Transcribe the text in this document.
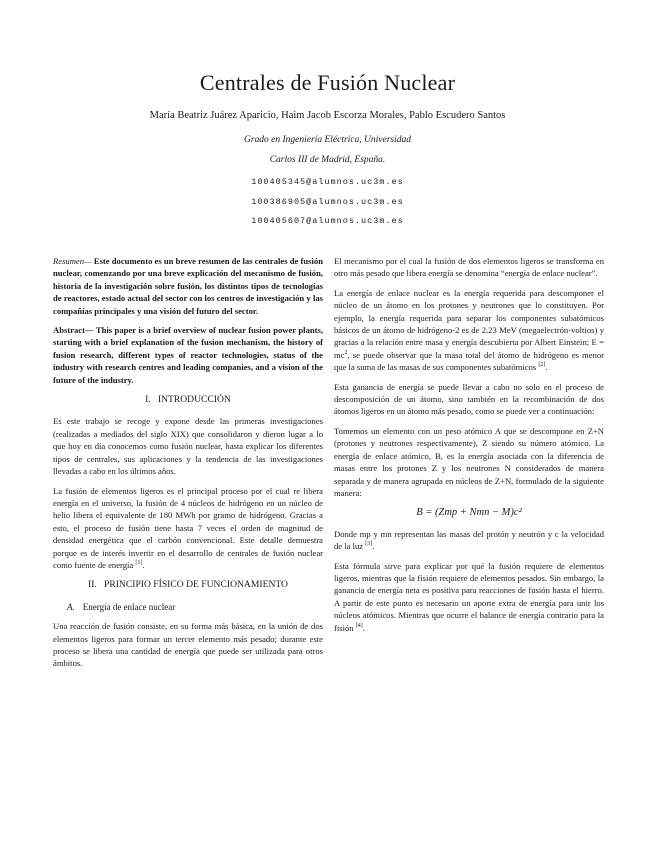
Centrales de Fusión Nuclear
María Beatriz Juárez Aparicio, Haim Jacob Escorza Morales, Pablo Escudero Santos
Grado en Ingeniería Eléctrica, Universidad
Carlos III de Madrid, España.
100405345@alumnos.uc3m.es
100386905@alumnos.uc3m.es
100405607@alumnos.uc3m.es

Resumen— Este documento es un breve resumen de las centrales de fusión nuclear, comenzando por una breve explicación del mecanismo de fusión, historia de la investigación sobre fusión, los distintos tipos de tecnologías de reactores, estado actual del sector con los centros de investigación y las compañías principales y una visión del futuro del sector.

Abstract— This paper is a brief overview of nuclear fusion power plants, starting with a brief explanation of the fusion mechanism, the history of fusion research, different types of reactor technologies, status of the industry with research centres and leading companies, and a vision of the future of the industry.

I. INTRODUCCIÓN

Es este trabajo se recoge y expone desde las primeras investigaciones (realizadas a mediados del siglo XIX) que consolidaron y dieron lugar a lo que hoy en día conocemos como fusión nuclear, hasta explicar los diferentes tipos de centrales, sus aplicaciones y la tendencia de las investigaciones llevadas a cabo en los últimos años.

La fusión de elementos ligeros es el principal proceso por el cual re libera energía en el universo, la fusión de 4 núcleos de hidrógeno en un núcleo de helio libera el equivalente de 180 MWh por gramo de hidrógeno. Gracias a esto, el proceso de fusión tiene hasta 7 veces el orden de magnitud de densidad energética que el carbón convencional. Este detalle demuestra porque es de interés invertir en el desarrollo de centrales de fusión nuclear como fuente de energía [1].

II. PRINCIPIO FÍSICO DE FUNCIONAMIENTO
A. Energía de enlace nuclear

Una reacción de fusión consiste, en su forma más básica, en la unión de dos elementos ligeros para formar un tercer elemento más pesado; durante este proceso se libera una cantidad de energía que puede ser utilizada para otros ámbitos.

El mecanismo por el cual la fusión de dos elementos ligeros se transforma en otro más pesado que libera energía se denomina “energía de enlace nuclear”.

La energía de enlace nuclear es la energía requerida para descomponer el núcleo de un átomo en los protones y neutrones que lo constituyen. Por ejemplo, la energía requerida para separar los componentes subatómicos básicos de un átomo de hidrógeno-2 es de 2.23 MeV (megaelectrón-voltios) y gracias a la relación entre masa y energía descubierta por Albert Einstein; $E = mc^2$, se puede observar que la masa total del átomo de hidrógeno es menor que la suma de las masas de sus componentes subatómicos [2].

Esta ganancia de energía se puede llevar a cabo no solo en el proceso de descomposición de un átomo, sino también en la recombinación de dos átomos ligeros en un átomo más pesado, como se puede ver a continuación:

Tomemos un elemento con un peso atómico A que se descompone en Z+N (protones y neutrones respectivamente), Z siendo su número atómico. La energía de enlace atómico, B, es la energía asociada con la diferencia de masas entre los protones Z y los neutrones N considerados de manera separada y de manera agrupada en núcleos de Z+N, formulado de la siguiente manera:

B = (Zmp + Nmn − M)c²

Donde mp y mn representan las masas del protón y neutrón y c la velocidad de la luz [3].

Esta fórmula sirve para explicar por qué la fusión requiere de elementos ligeros, mientras que la fisión requiere de elementos pesados. Sin embargo, la ganancia de energía neta es positiva para reacciones de fusión hasta el hierro. A partir de este punto es necesario un aporte extra de energía para unir los núcleos atómicos. Mientras que ocurre el balance de energía contrario para la fisión [4].
